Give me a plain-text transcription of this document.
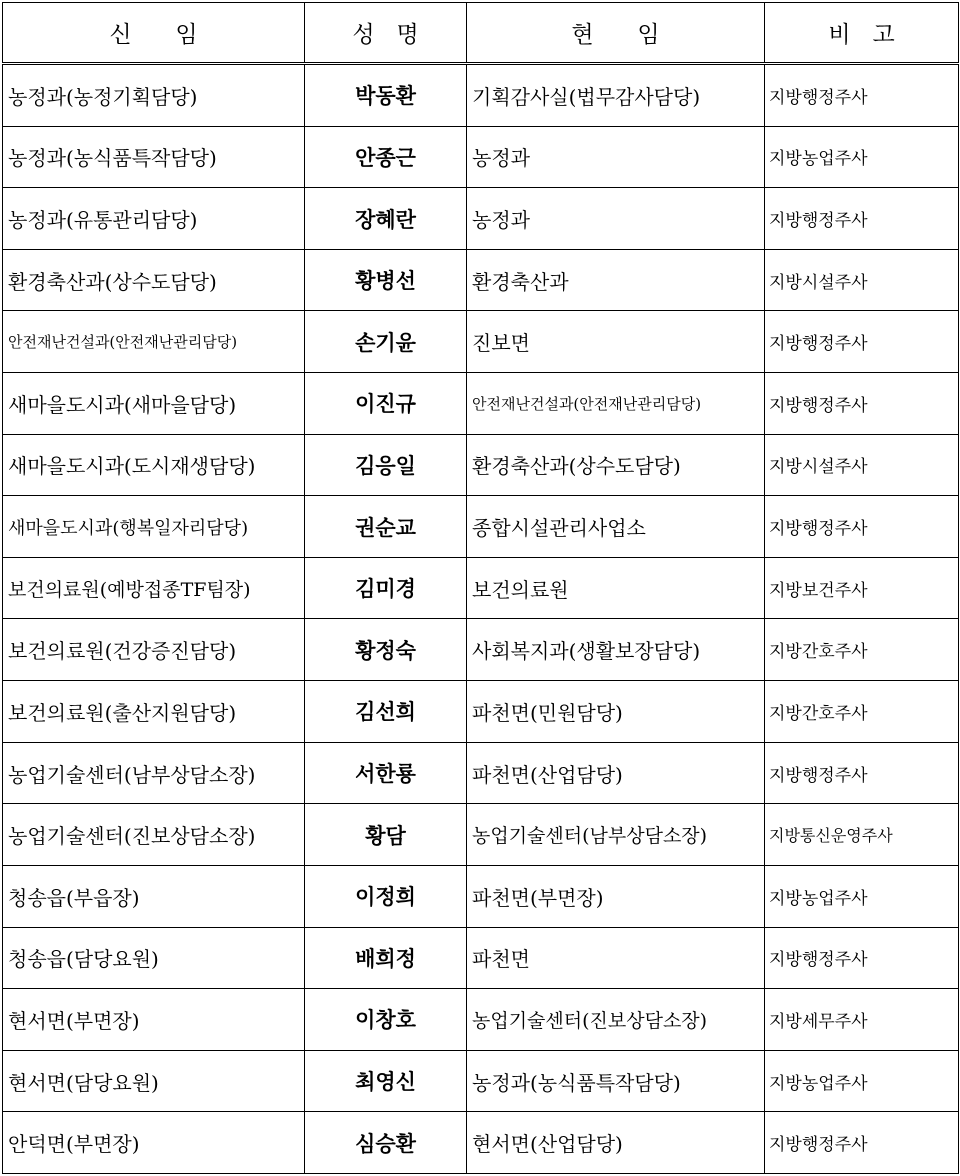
신      임	성   명	현      임	비   고
농정과(농정기획담당)	박동환	기획감사실(법무감사담당)	지방행정주사
농정과(농식품특작담당)	안종근	농정과	지방농업주사
농정과(유통관리담당)	장혜란	농정과	지방행정주사
환경축산과(상수도담당)	황병선	환경축산과	지방시설주사
안전재난건설과(안전재난관리담당)	손기윤	진보면	지방행정주사
새마을도시과(새마을담당)	이진규	안전재난건설과(안전재난관리담당)	지방행정주사
새마을도시과(도시재생담당)	김응일	환경축산과(상수도담당)	지방시설주사
새마을도시과(행복일자리담당)	권순교	종합시설관리사업소	지방행정주사
보건의료원(예방접종TF팀장)	김미경	보건의료원	지방보건주사
보건의료원(건강증진담당)	황정숙	사회복지과(생활보장담당)	지방간호주사
보건의료원(출산지원담당)	김선희	파천면(민원담당)	지방간호주사
농업기술센터(남부상담소장)	서한룡	파천면(산업담당)	지방행정주사
농업기술센터(진보상담소장)	황담	농업기술센터(남부상담소장)	지방통신운영주사
청송읍(부읍장)	이정희	파천면(부면장)	지방농업주사
청송읍(담당요원)	배희정	파천면	지방행정주사
현서면(부면장)	이창호	농업기술센터(진보상담소장)	지방세무주사
현서면(담당요원)	최영신	농정과(농식품특작담당)	지방농업주사
안덕면(부면장)	심승환	현서면(산업담당)	지방행정주사
